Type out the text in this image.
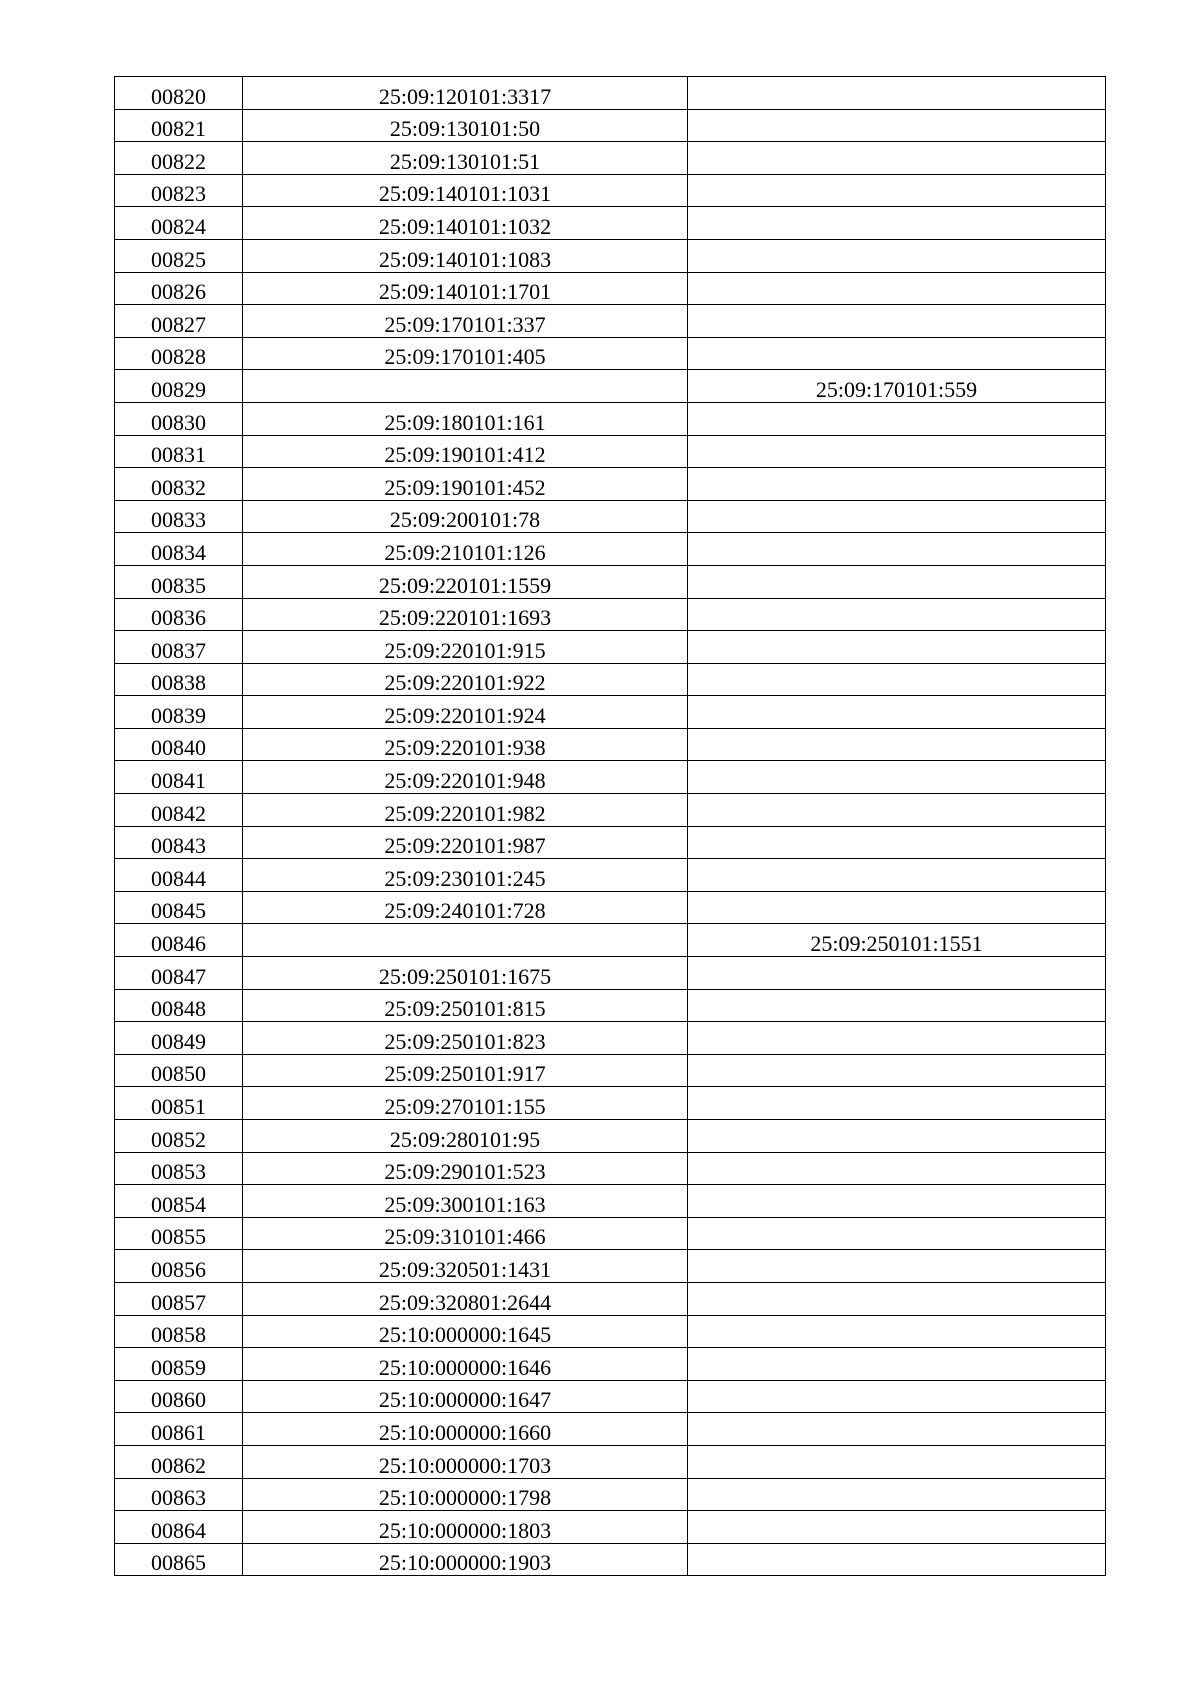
00820	25:09:120101:3317	
00821	25:09:130101:50	
00822	25:09:130101:51	
00823	25:09:140101:1031	
00824	25:09:140101:1032	
00825	25:09:140101:1083	
00826	25:09:140101:1701	
00827	25:09:170101:337	
00828	25:09:170101:405	
00829		25:09:170101:559
00830	25:09:180101:161	
00831	25:09:190101:412	
00832	25:09:190101:452	
00833	25:09:200101:78	
00834	25:09:210101:126	
00835	25:09:220101:1559	
00836	25:09:220101:1693	
00837	25:09:220101:915	
00838	25:09:220101:922	
00839	25:09:220101:924	
00840	25:09:220101:938	
00841	25:09:220101:948	
00842	25:09:220101:982	
00843	25:09:220101:987	
00844	25:09:230101:245	
00845	25:09:240101:728	
00846		25:09:250101:1551
00847	25:09:250101:1675	
00848	25:09:250101:815	
00849	25:09:250101:823	
00850	25:09:250101:917	
00851	25:09:270101:155	
00852	25:09:280101:95	
00853	25:09:290101:523	
00854	25:09:300101:163	
00855	25:09:310101:466	
00856	25:09:320501:1431	
00857	25:09:320801:2644	
00858	25:10:000000:1645	
00859	25:10:000000:1646	
00860	25:10:000000:1647	
00861	25:10:000000:1660	
00862	25:10:000000:1703	
00863	25:10:000000:1798	
00864	25:10:000000:1803	
00865	25:10:000000:1903	
